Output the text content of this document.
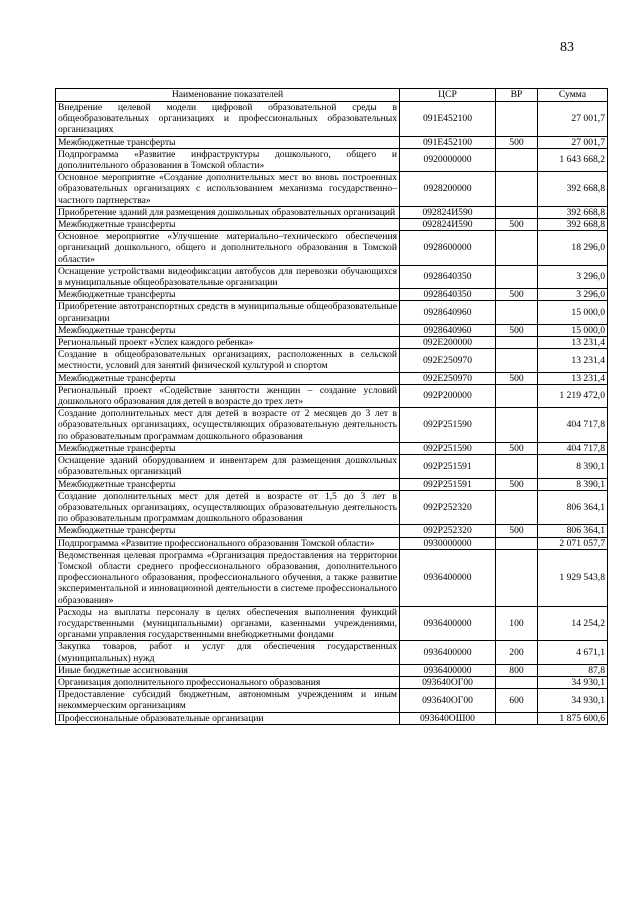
83
Наименование показателей	ЦСР	ВР	Сумма
Внедрение целевой модели цифровой образовательной среды в общеобразовательных организациях и профессиональных образовательных организациях	091E452100		27 001,7
Межбюджетные трансферты	091E452100	500	27 001,7
Подпрограмма «Развитие инфраструктуры дошкольного, общего и дополнительного образования в Томской области»	0920000000		1 643 668,2
Основное мероприятие «Создание дополнительных мест во вновь построенных образовательных организациях с использованием механизма государственно–частного партнерства»	0928200000		392 668,8
Приобретение зданий для размещения дошкольных образовательных организаций	092824И590		392 668,8
Межбюджетные трансферты	092824И590	500	392 668,8
Основное мероприятие «Улучшение материально–технического обеспечения организаций дошкольного, общего и дополнительного образования в Томской области»	0928600000		18 296,0
Оснащение устройствами видеофиксации автобусов для перевозки обучающихся в муниципальные общеобразовательные организации	0928640350		3 296,0
Межбюджетные трансферты	0928640350	500	3 296,0
Приобретение автотранспортных средств в муниципальные общеобразовательные организации	0928640960		15 000,0
Межбюджетные трансферты	0928640960	500	15 000,0
Региональный проект «Успех каждого ребенка»	092E200000		13 231,4
Создание в общеобразовательных организациях, расположенных в сельской местности, условий для занятий физической культурой и спортом	092E250970		13 231,4
Межбюджетные трансферты	092E250970	500	13 231,4
Региональный проект «Содействие занятости женщин – создание условий дошкольного образования для детей в возрасте до трех лет»	092P200000		1 219 472,0
Создание дополнительных мест для детей в возрасте от 2 месяцев до 3 лет в образовательных организациях, осуществляющих образовательную деятельность по образовательным программам дошкольного образования	092P251590		404 717,8
Межбюджетные трансферты	092P251590	500	404 717,8
Оснащение зданий оборудованием и инвентарем для размещения дошкольных образовательных организаций	092P251591		8 390,1
Межбюджетные трансферты	092P251591	500	8 390,1
Создание дополнительных мест для детей в возрасте от 1,5 до 3 лет в образовательных организациях, осуществляющих образовательную деятельность по образовательным программам дошкольного образования	092P252320		806 364,1
Межбюджетные трансферты	092P252320	500	806 364,1
Подпрограмма «Развитие профессионального образования Томской области»	0930000000		2 071 057,7
Ведомственная целевая программа «Организация предоставления на территории Томской области среднего профессионального образования, дополнительного профессионального образования, профессионального обучения, а также развитие экспериментальной и инновационной деятельности в системе профессионального образования»	0936400000		1 929 543,8
Расходы на выплаты персоналу в целях обеспечения выполнения функций государственными (муниципальными) органами, казенными учреждениями, органами управления государственными внебюджетными фондами	0936400000	100	14 254,2
Закупка товаров, работ и услуг для обеспечения государственных (муниципальных) нужд	0936400000	200	4 671,1
Иные бюджетные ассигнования	0936400000	800	87,8
Организация дополнительного профессионального образования	093640ОГ00		34 930,1
Предоставление субсидий бюджетным, автономным учреждениям и иным некоммерческим организациям	093640ОГ00	600	34 930,1
Профессиональные образовательные организации	093640ОШ00		1 875 600,6
